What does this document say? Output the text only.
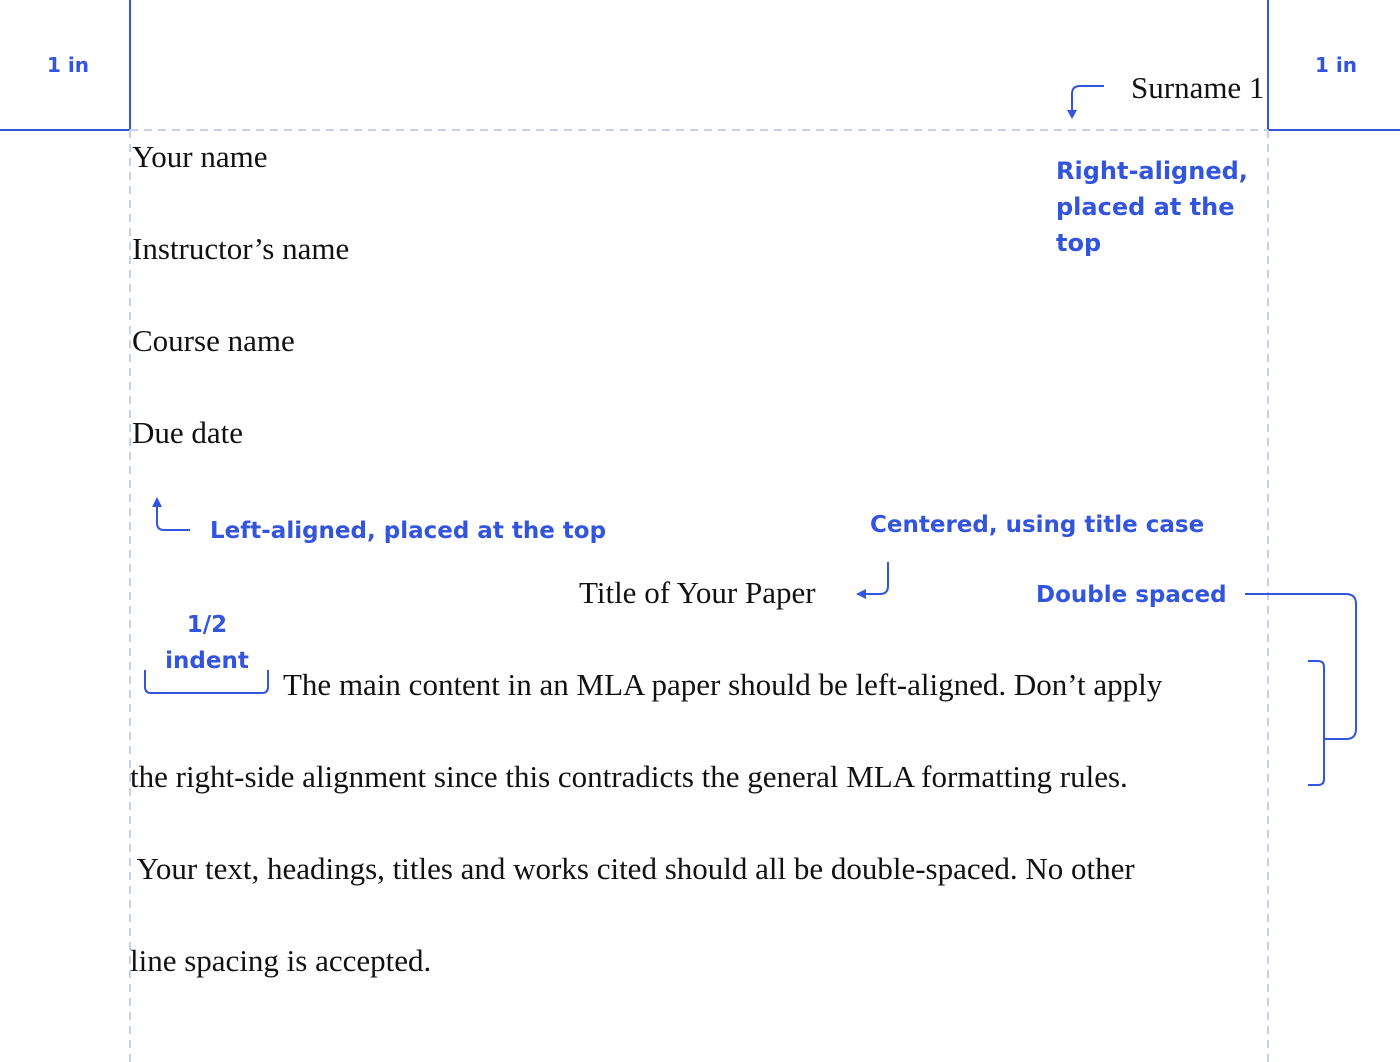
1 in	1 in
Surname 1
Your name
Instructor’s name
Course name
Due date
Title of Your Paper
The main content in an MLA paper should be left-aligned. Don’t apply
the right-side alignment since this contradicts the general MLA formatting rules.
Your text, headings, titles and works cited should all be double-spaced. No other
line spacing is accepted.
Right-aligned,
placed at the
top
Left-aligned, placed at the top	Centered, using title case
Double spaced
1/2
indent
